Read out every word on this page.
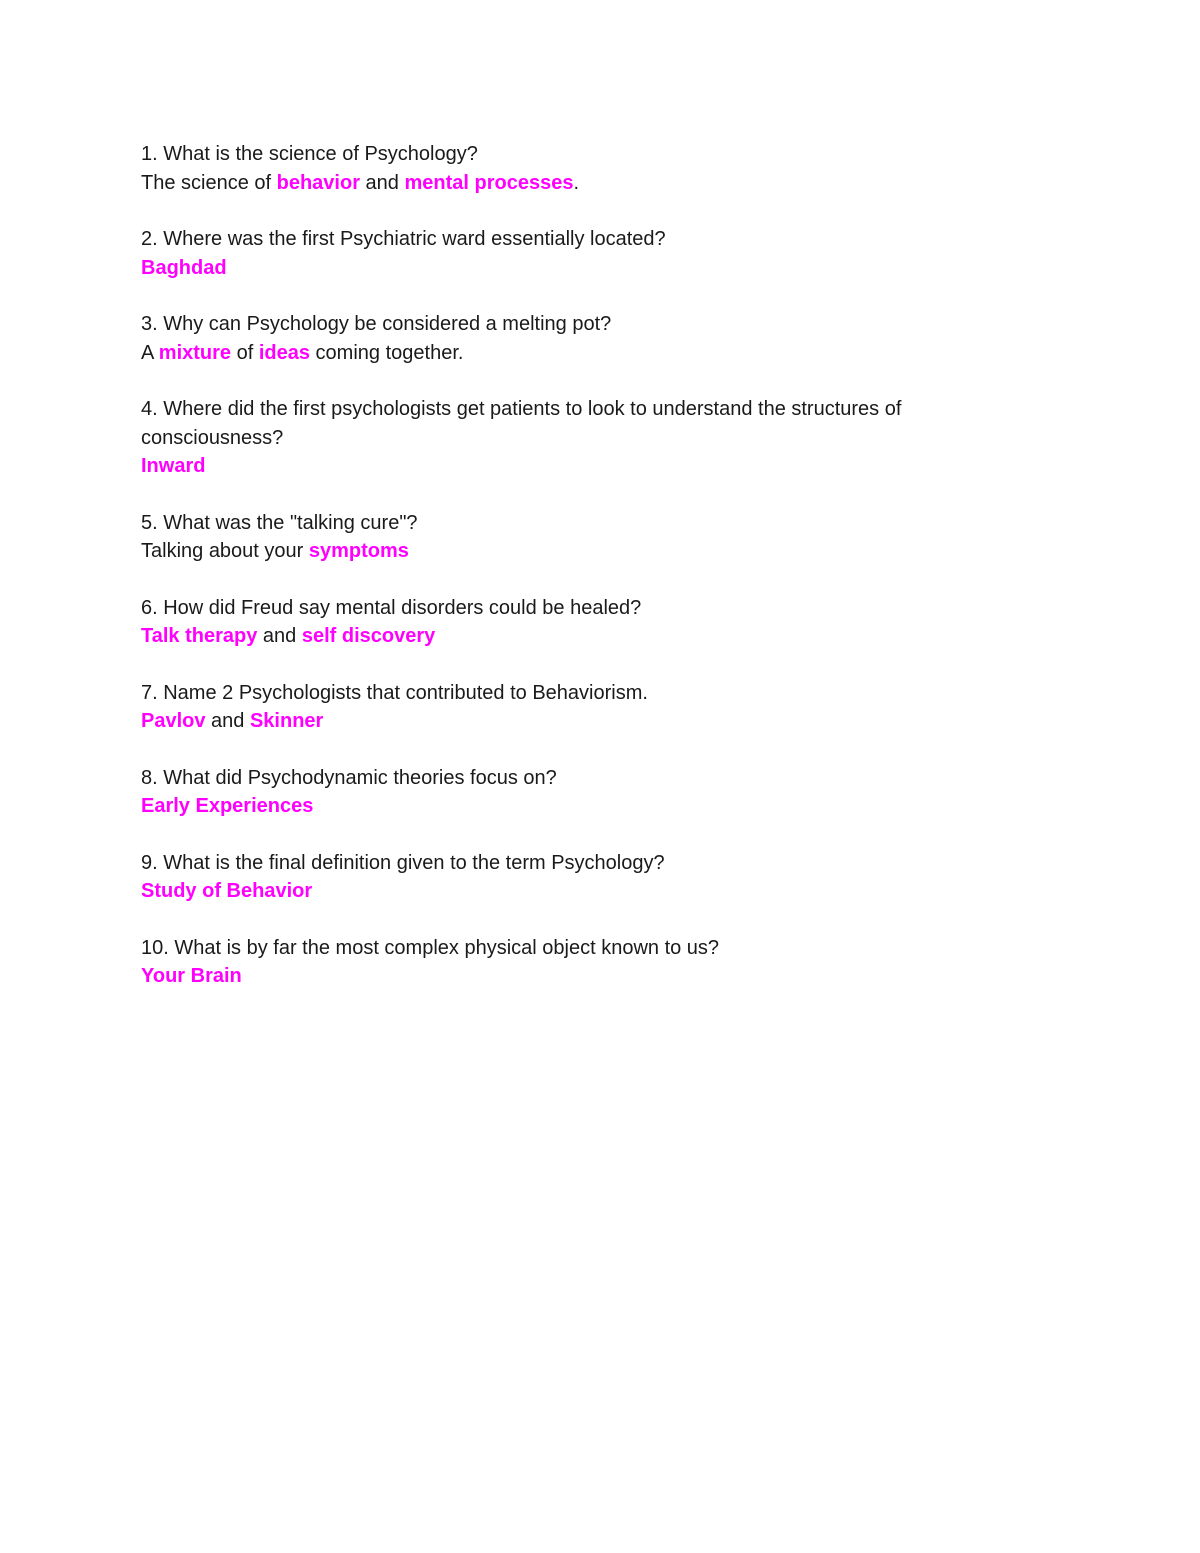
1. What is the science of Psychology?
The science of behavior and mental processes.
2. Where was the first Psychiatric ward essentially located?
Baghdad
3. Why can Psychology be considered a melting pot?
A mixture of ideas coming together.
4. Where did the first psychologists get patients to look to understand the structures of consciousness?
Inward
5. What was the "talking cure"?
Talking about your symptoms
6. How did Freud say mental disorders could be healed?
Talk therapy and self discovery
7. Name 2 Psychologists that contributed to Behaviorism.
Pavlov and Skinner
8. What did Psychodynamic theories focus on?
Early Experiences
9. What is the final definition given to the term Psychology?
Study of Behavior
10. What is by far the most complex physical object known to us?
Your Brain
